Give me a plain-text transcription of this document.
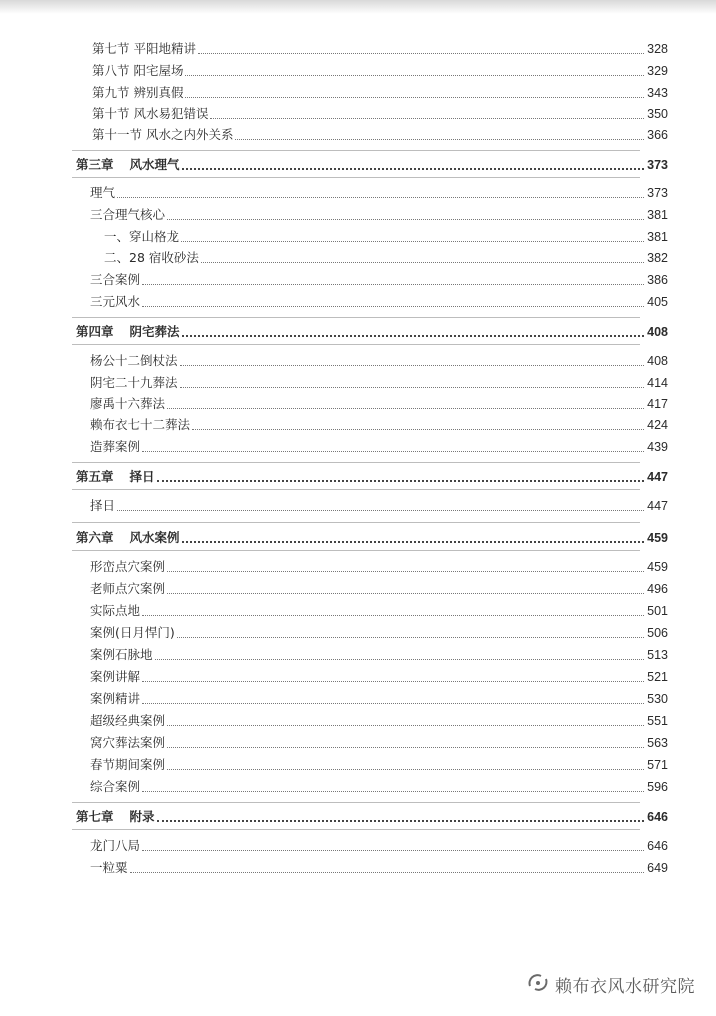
第七节 平阳地精讲	328
第八节 阳宅屋场	329
第九节 辨别真假	343
第十节 风水易犯错误	350
第十一节 风水之内外关系	366
第三章 风水理气	373
理气	373
三合理气核心	381
一、穿山格龙	381
二、28 宿收砂法	382
三合案例	386
三元风水	405
第四章 阴宅葬法	408
杨公十二倒杖法	408
阴宅二十九葬法	414
廖禹十六葬法	417
赖布衣七十二葬法	424
造葬案例	439
第五章 择日	447
择日	447
第六章 风水案例	459
形峦点穴案例	459
老师点穴案例	496
实际点地	501
案例(日月悍门)	506
案例石脉地	513
案例讲解	521
案例精讲	530
超级经典案例	551
窝穴葬法案例	563
春节期间案例	571
综合案例	596
第七章 附录	646
龙门八局	646
一粒粟	649
赖布衣风水研究院
